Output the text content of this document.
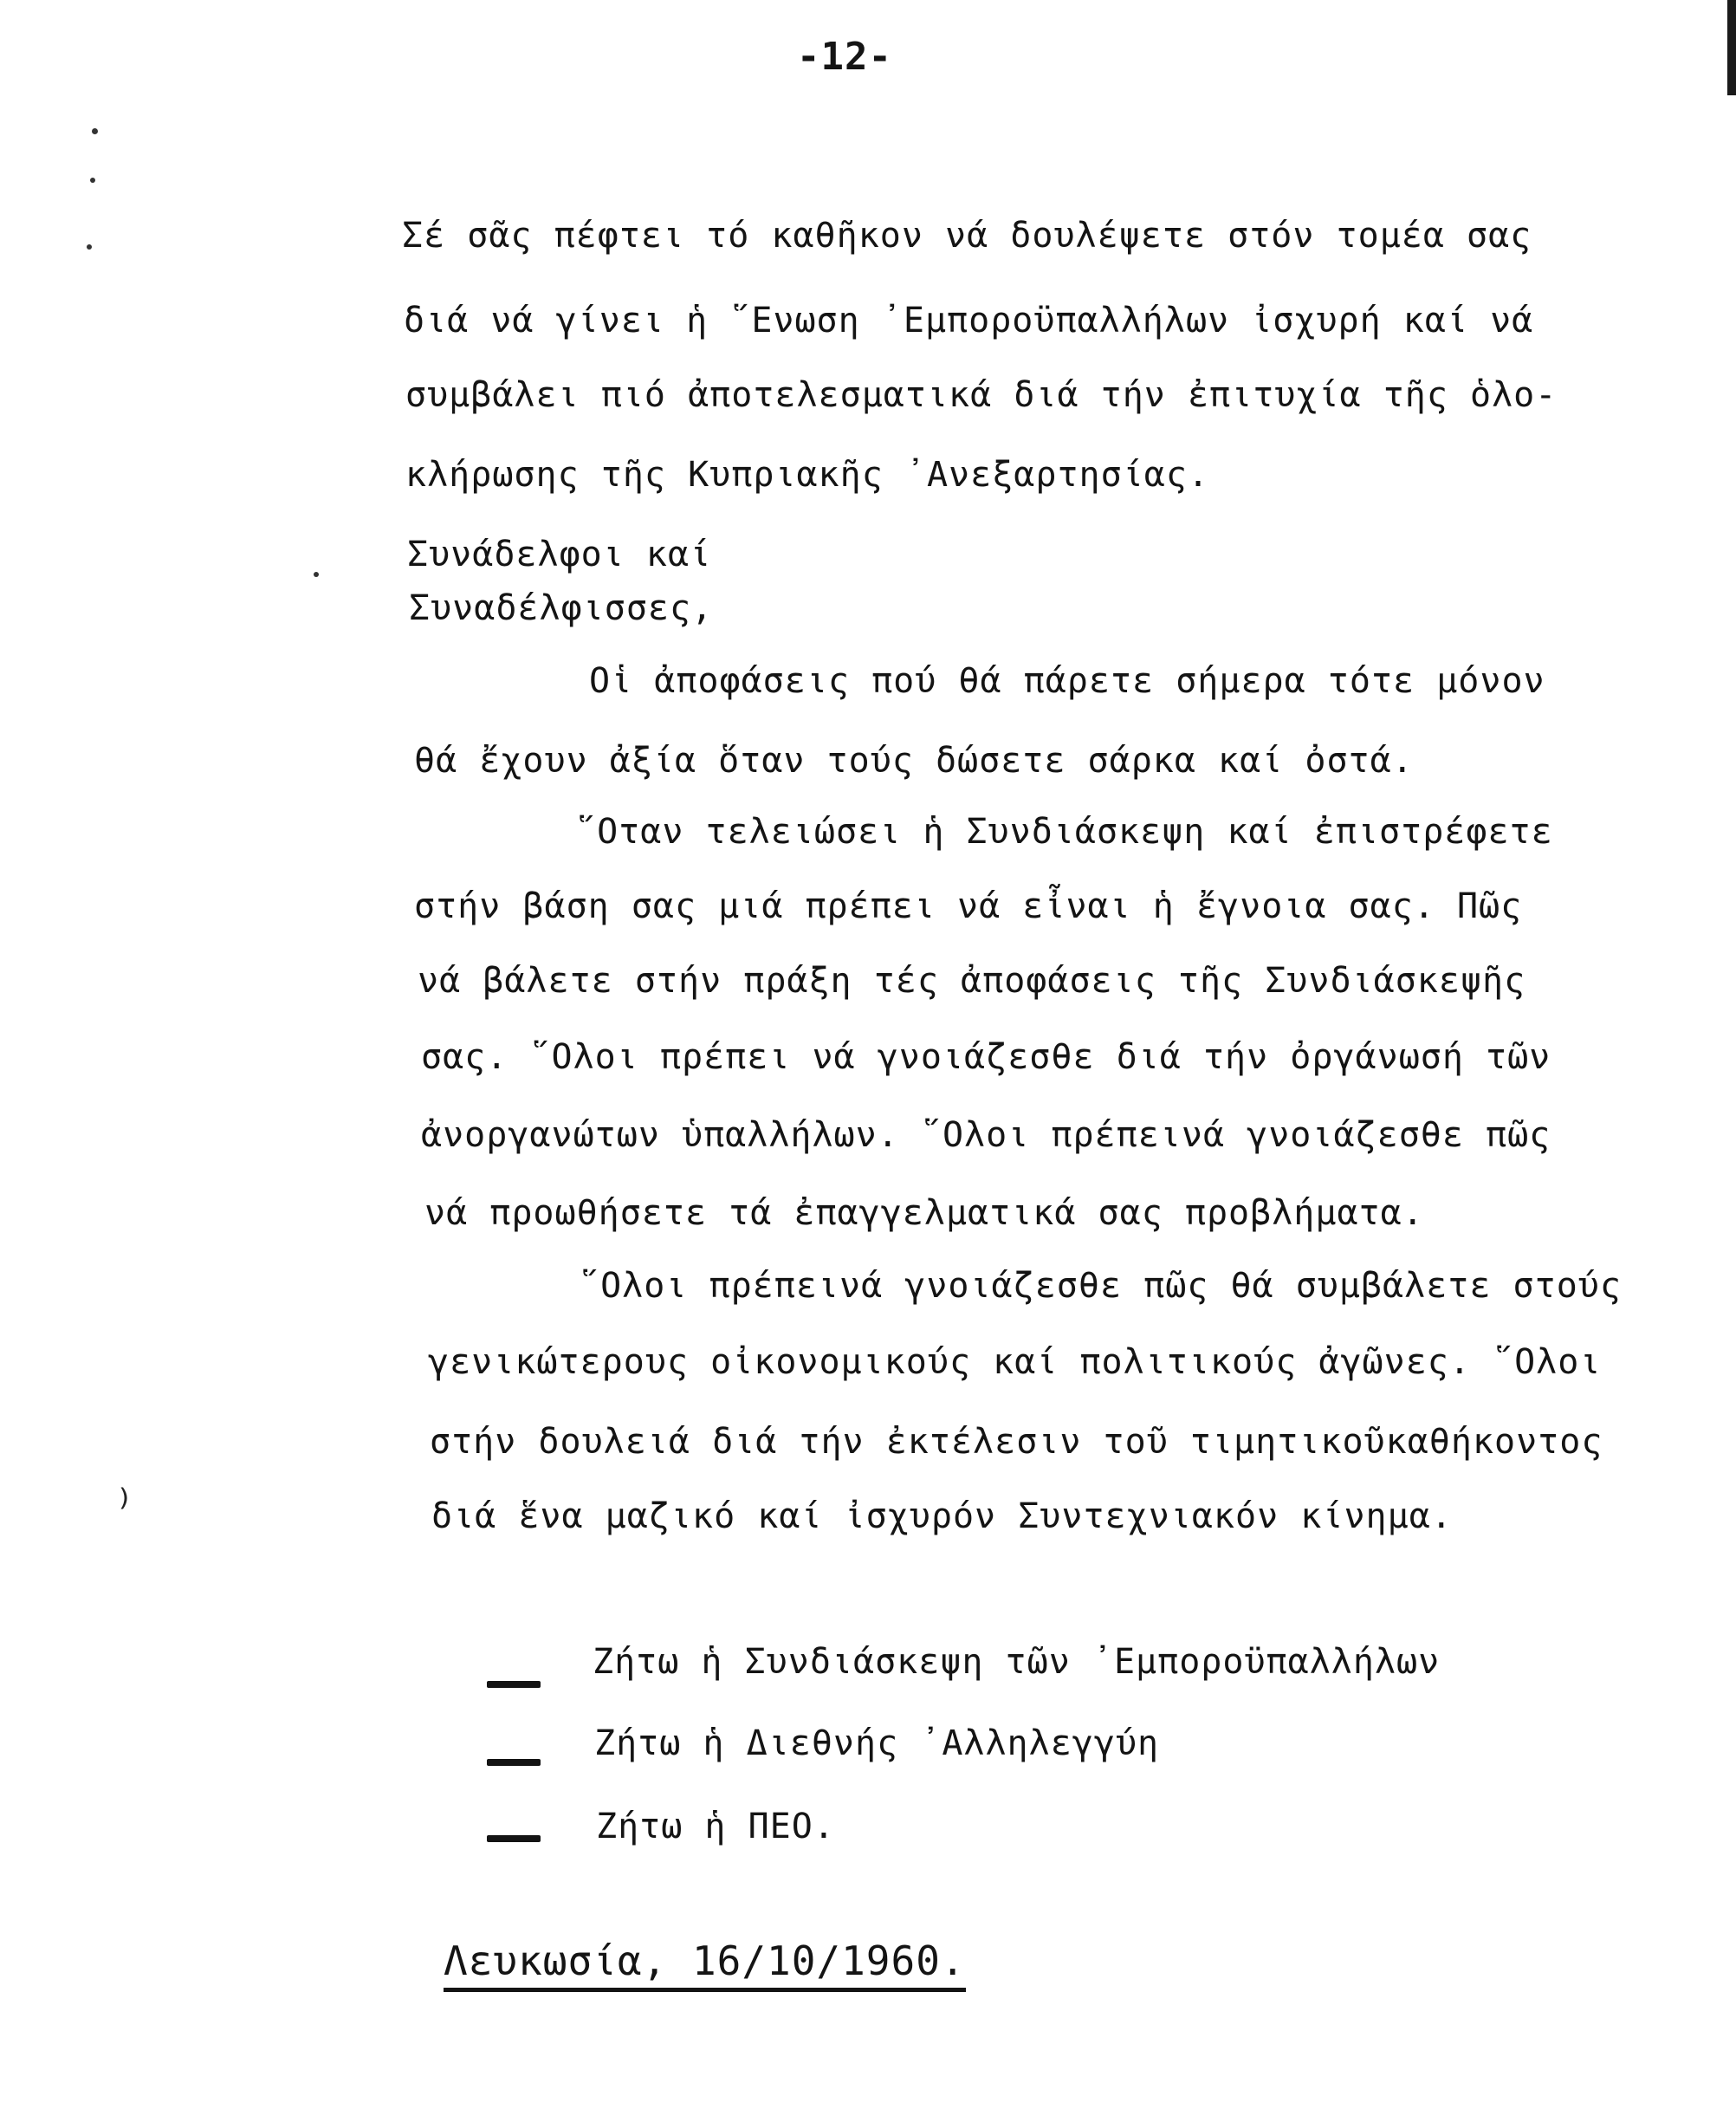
⁾
-12-
Σέ σᾶς πέφτει τό καθῆκον νά δουλέψετε στόν τομέα σας
διά νά γίνει ἡ ῞Ενωση ᾿Εμποροϋπαλλήλων ἰσχυρή καί νά
συμβάλει πιό ἀποτελεσματικά διά τήν ἐπιτυχία τῆς ὁλο-
κλήρωσης τῆς Κυπριακῆς ᾿Ανεξαρτησίας.
Συνάδελφοι καί
Συναδέλφισσες,
Οἱ ἀποφάσεις πού θά πάρετε σήμερα τότε μόνον
θά ἔχουν ἀξία ὅταν τούς δώσετε σάρκα καί ὀστά.
῞Οταν τελειώσει ἡ Συνδιάσκεψη καί ἐπιστρέφετε
στήν βάση σας μιά πρέπει νά εἶναι ἡ ἔγνοια σας. Πῶς
νά βάλετε στήν πράξη τές ἀποφάσεις τῆς Συνδιάσκεψῆς
σας. ῞Ολοι πρέπει νά γνοιάζεσθε διά τήν ὀργάνωσή τῶν
ἀνοργανώτων ὑπαλλήλων. ῞Ολοι πρέπεινά γνοιάζεσθε πῶς
νά προωθήσετε τά ἐπαγγελματικά σας προβλήματα.
῞Ολοι πρέπεινά γνοιάζεσθε πῶς θά συμβάλετε στούς
γενικώτερους οἰκονομικούς καί πολιτικούς ἀγῶνες. ῞Ολοι
στήν δουλειά διά τήν ἐκτέλεσιν τοῦ τιμητικοῦκαθήκοντος
διά ἕνα μαζικό καί ἰσχυρόν Συντεχνιακόν κίνημα.
Ζήτω ἡ Συνδιάσκεψη τῶν ᾿Εμποροϋπαλλήλων
Ζήτω ἡ Διεθνής ᾿Αλληλεγγύη
Ζήτω ἡ ΠΕΟ.
Λευκωσία, 16/10/1960.
